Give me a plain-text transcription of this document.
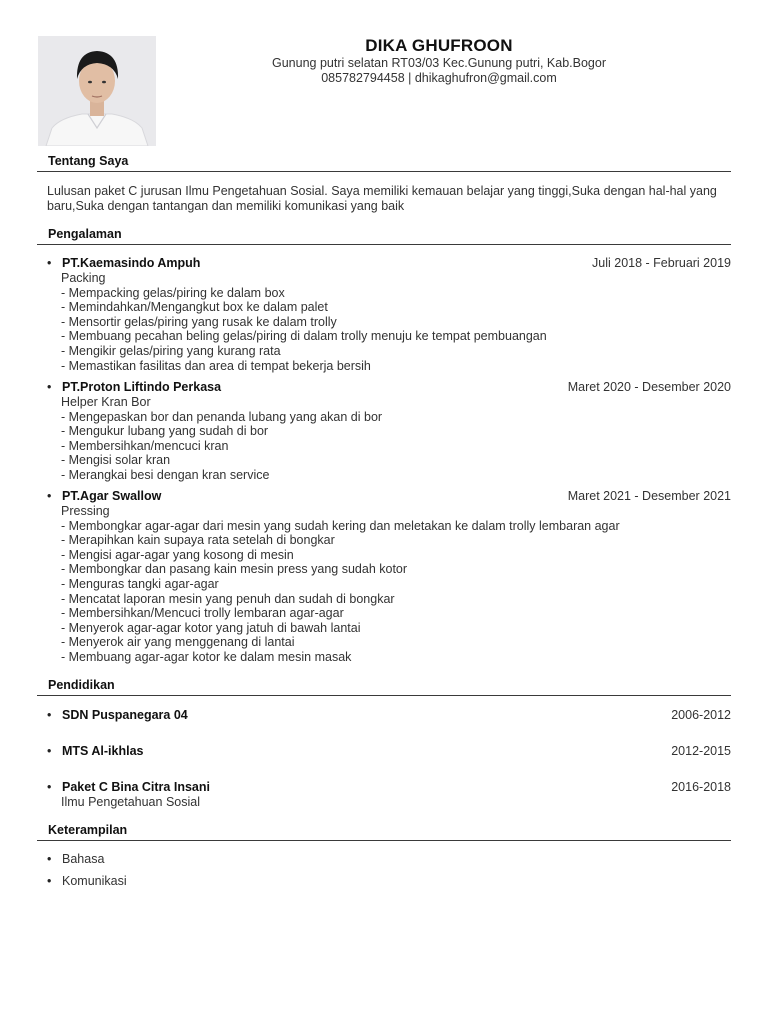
DIKA GHUFROON
Gunung putri selatan RT03/03 Kec.Gunung putri, Kab.Bogor
085782794458 | dhikaghufron@gmail.com
Tentang Saya
Lulusan paket C jurusan Ilmu Pengetahuan Sosial. Saya memiliki kemauan belajar yang tinggi,Suka dengan hal-hal yang baru,Suka dengan tantangan dan memiliki komunikasi yang baik
Pengalaman
• PT.Kaemasindo Ampuh	Juli 2018 - Februari 2019
Packing
- Mempacking gelas/piring ke dalam box
- Memindahkan/Mengangkut box ke dalam palet
- Mensortir gelas/piring yang rusak ke dalam trolly
- Membuang pecahan beling gelas/piring di dalam trolly menuju ke tempat pembuangan
- Mengikir gelas/piring yang kurang rata
- Memastikan fasilitas dan area di tempat bekerja bersih
• PT.Proton Liftindo Perkasa	Maret 2020 - Desember 2020
Helper Kran Bor
- Mengepaskan bor dan penanda lubang yang akan di bor
- Mengukur lubang yang sudah di bor
- Membersihkan/mencuci kran
- Mengisi solar kran
- Merangkai besi dengan kran service
• PT.Agar Swallow	Maret 2021 - Desember 2021
Pressing
- Membongkar agar-agar dari mesin yang sudah kering dan meletakan ke dalam trolly lembaran agar
- Merapihkan kain supaya rata setelah di bongkar
- Mengisi agar-agar yang kosong di mesin
- Membongkar dan pasang kain mesin press yang sudah kotor
- Menguras tangki agar-agar
- Mencatat laporan mesin yang penuh dan sudah di bongkar
- Membersihkan/Mencuci trolly lembaran agar-agar
- Menyerok agar-agar kotor yang jatuh di bawah lantai
- Menyerok air yang menggenang di lantai
- Membuang agar-agar kotor ke dalam mesin masak
Pendidikan
• SDN Puspanegara 04	2006-2012
• MTS Al-ikhlas	2012-2015
• Paket C Bina Citra Insani	2016-2018
Ilmu Pengetahuan Sosial
Keterampilan
• Bahasa
• Komunikasi
